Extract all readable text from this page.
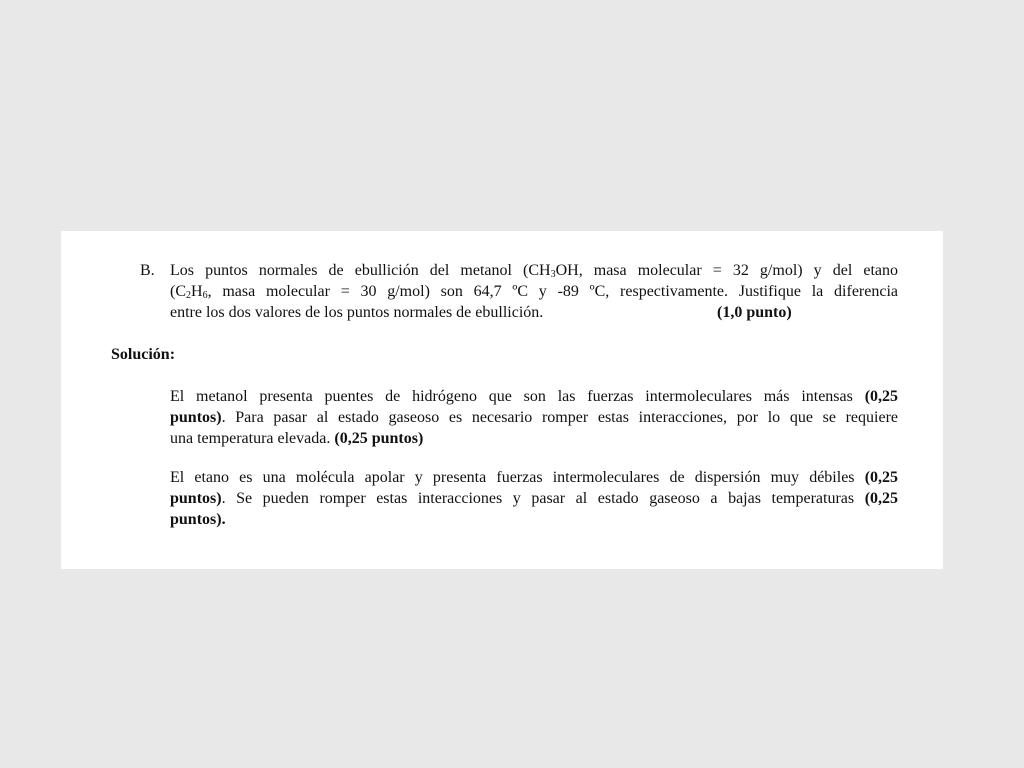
B. Los puntos normales de ebullición del metanol ($CH_3OH$, masa molecular = 32 g/mol) y del etano
($C_2H_6$, masa molecular = 30 g/mol) son 64,7 ºC y -89 ºC, respectivamente. Justifique la diferencia
entre los dos valores de los puntos normales de ebullición.	(1,0 punto)
Solución:
El metanol presenta puentes de hidrógeno que son las fuerzas intermoleculares más intensas (0,25
puntos). Para pasar al estado gaseoso es necesario romper estas interacciones, por lo que se requiere
una temperatura elevada. (0,25 puntos)
El etano es una molécula apolar y presenta fuerzas intermoleculares de dispersión muy débiles (0,25
puntos). Se pueden romper estas interacciones y pasar al estado gaseoso a bajas temperaturas (0,25
puntos).
